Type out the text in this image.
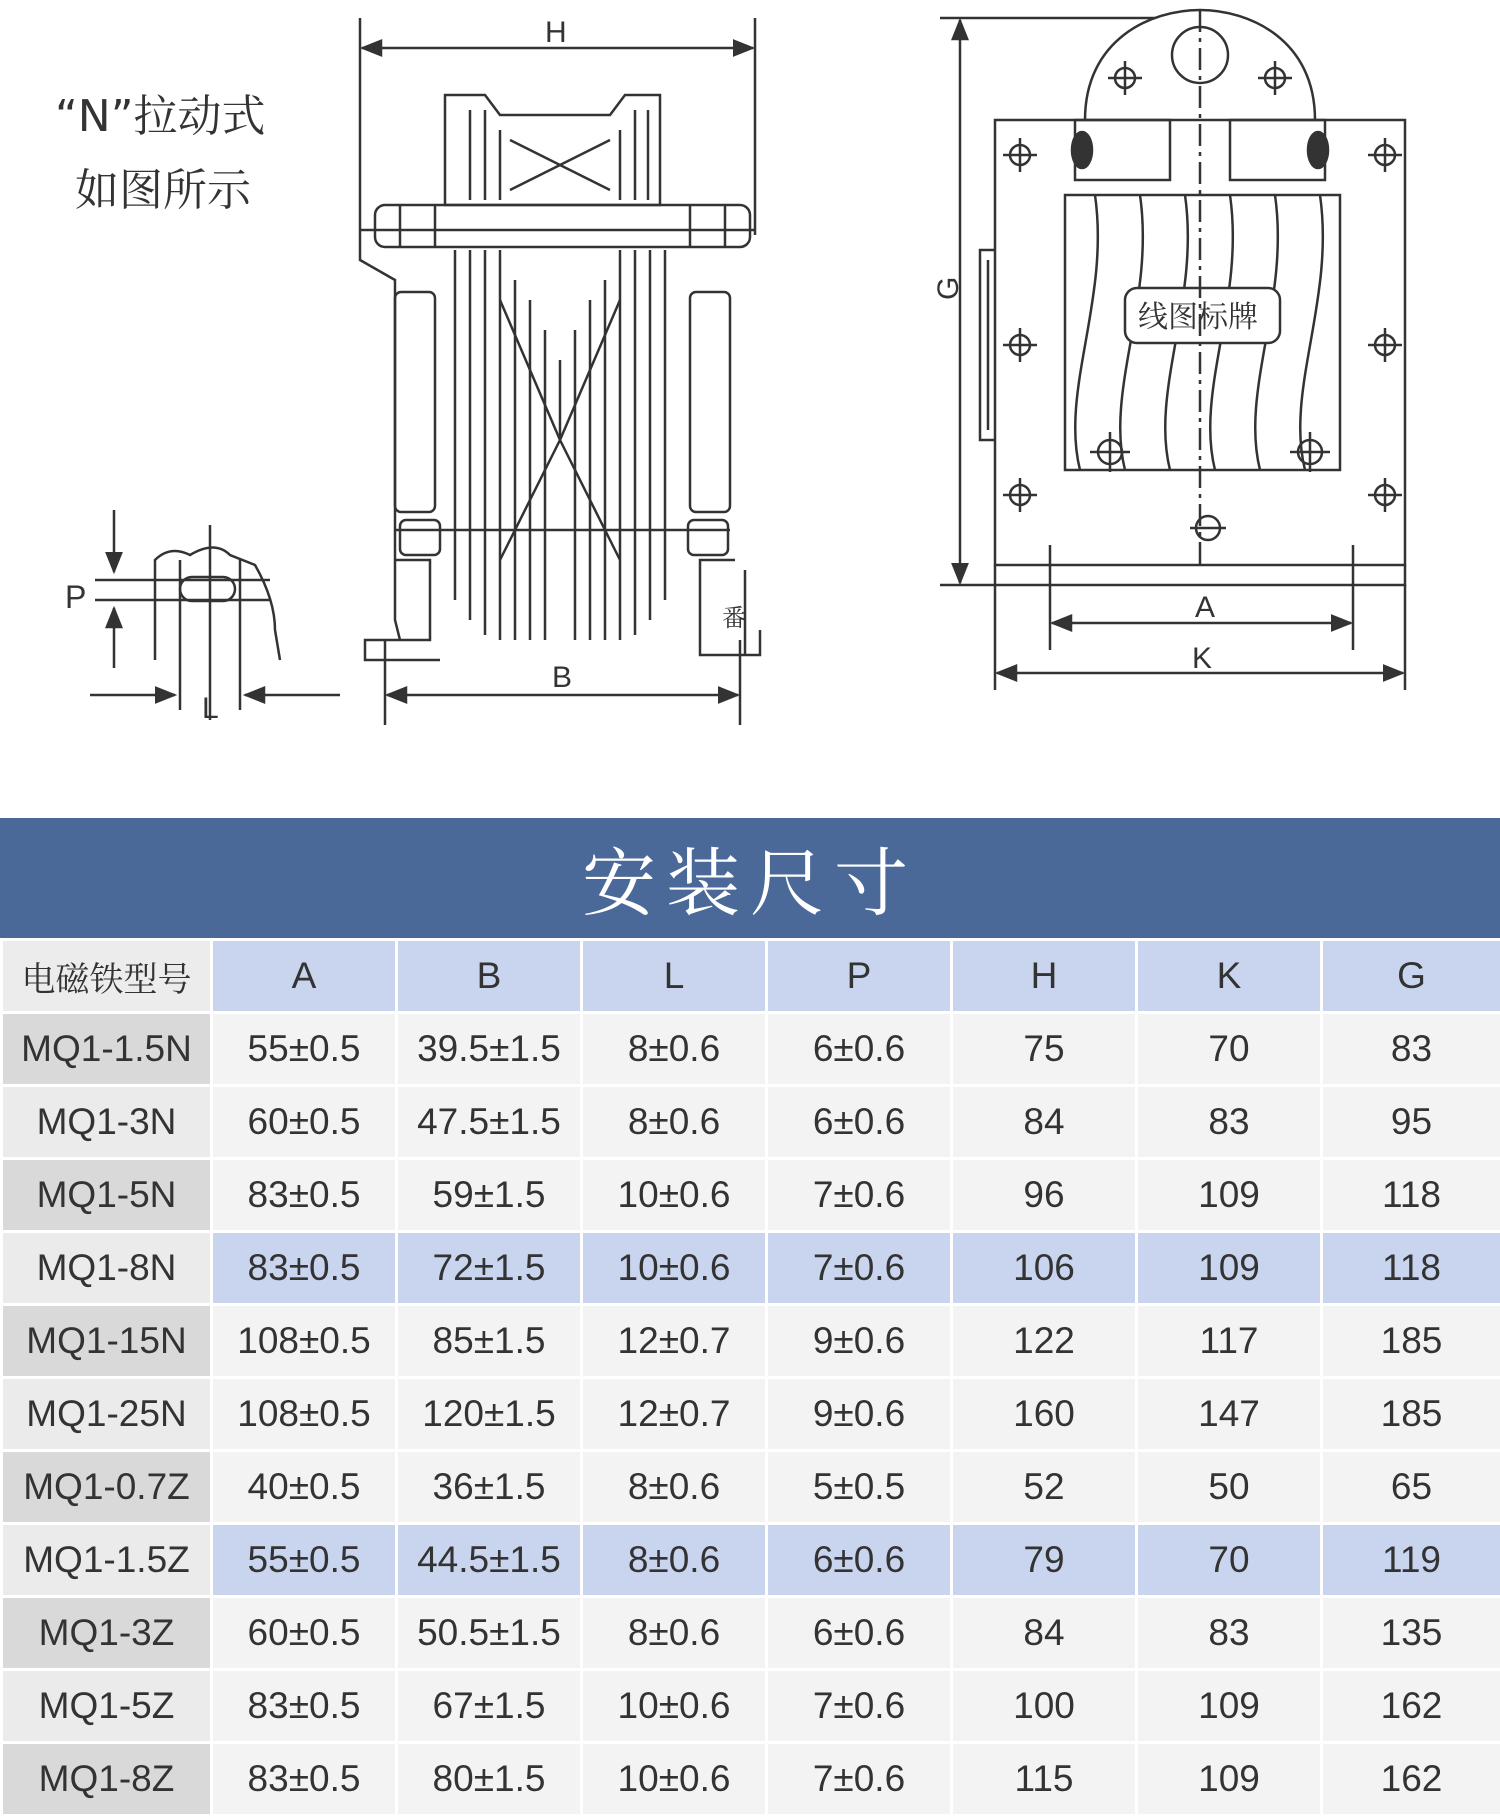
P
L
H
B
番
线图标牌
G
A
K
“N”拉动式
如图所示
安装尺寸
电磁铁型号	A	B	L	P	H	K	G
MQ1-1.5N	55±0.5	39.5±1.5	8±0.6	6±0.6	75	70	83
MQ1-3N	60±0.5	47.5±1.5	8±0.6	6±0.6	84	83	95
MQ1-5N	83±0.5	59±1.5	10±0.6	7±0.6	96	109	118
MQ1-8N	83±0.5	72±1.5	10±0.6	7±0.6	106	109	118
MQ1-15N	108±0.5	85±1.5	12±0.7	9±0.6	122	117	185
MQ1-25N	108±0.5	120±1.5	12±0.7	9±0.6	160	147	185
MQ1-0.7Z	40±0.5	36±1.5	8±0.6	5±0.5	52	50	65
MQ1-1.5Z	55±0.5	44.5±1.5	8±0.6	6±0.6	79	70	119
MQ1-3Z	60±0.5	50.5±1.5	8±0.6	6±0.6	84	83	135
MQ1-5Z	83±0.5	67±1.5	10±0.6	7±0.6	100	109	162
MQ1-8Z	83±0.5	80±1.5	10±0.6	7±0.6	115	109	162
